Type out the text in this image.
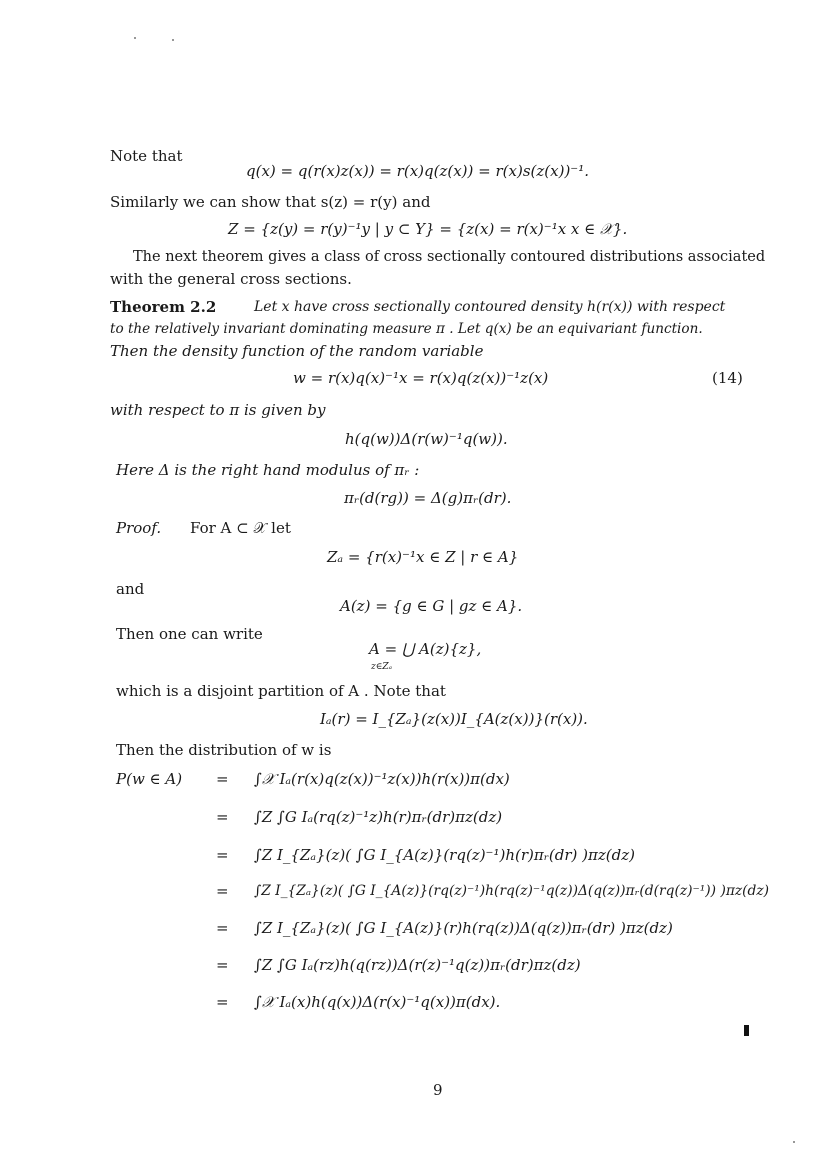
Note that
q(x) = q(r(x)z(x)) = r(x)q(z(x)) = r(x)s(z(x))⁻¹.
Similarly we can show that s(z) = r(y) and
Z = {z(y) = r(y)⁻¹y | y ⊂ Y} = {z(x) = r(x)⁻¹x x ∈ 𝒳}.
The next theorem gives a class of cross sectionally contoured distributions associated
with the general cross sections.
Theorem 2.2	Let x have cross sectionally contoured density h(r(x)) with respect
to the relatively invariant dominating measure π . Let q(x) be an equivariant function.
Then the density function of the random variable
w = r(x)q(x)⁻¹x = r(x)q(z(x))⁻¹z(x)	(14)
with respect to π is given by
h(q(w))Δ(r(w)⁻¹q(w)).
Here Δ is the right hand modulus of πᵣ :
πᵣ(d(rg)) = Δ(g)πᵣ(dr).
Proof. For A ⊂ 𝒳 let
Zₐ = {r(x)⁻¹x ∈ Z | r ∈ A}
and
A(z) = {g ∈ G | gz ∈ A}.
Then one can write
A = ⋃ A(z){z},
z∈Zₐ
which is a disjoint partition of A . Note that
Iₐ(r) = I_{Zₐ}(z(x))I_{A(z(x))}(r(x)).
Then the distribution of w is
P(w ∈ A) = ∫𝒳 Iₐ(r(x)q(z(x))⁻¹z(x))h(r(x))π(dx)
= ∫Z ∫G Iₐ(rq(z)⁻¹z)h(r)πᵣ(dr)πz(dz)
= ∫Z I_{Zₐ}(z)( ∫G I_{A(z)}(rq(z)⁻¹)h(r)πᵣ(dr) )πz(dz)
= ∫Z I_{Zₐ}(z)( ∫G I_{A(z)}(rq(z)⁻¹)h(rq(z)⁻¹q(z))Δ(q(z))πᵣ(d(rq(z)⁻¹)) )πz(dz)
= ∫Z I_{Zₐ}(z)( ∫G I_{A(z)}(r)h(rq(z))Δ(q(z))πᵣ(dr) )πz(dz)
= ∫Z ∫G Iₐ(rz)h(q(rz))Δ(r(z)⁻¹q(z))πᵣ(dr)πz(dz)
= ∫𝒳 Iₐ(x)h(q(x))Δ(r(x)⁻¹q(x))π(dx).
9
